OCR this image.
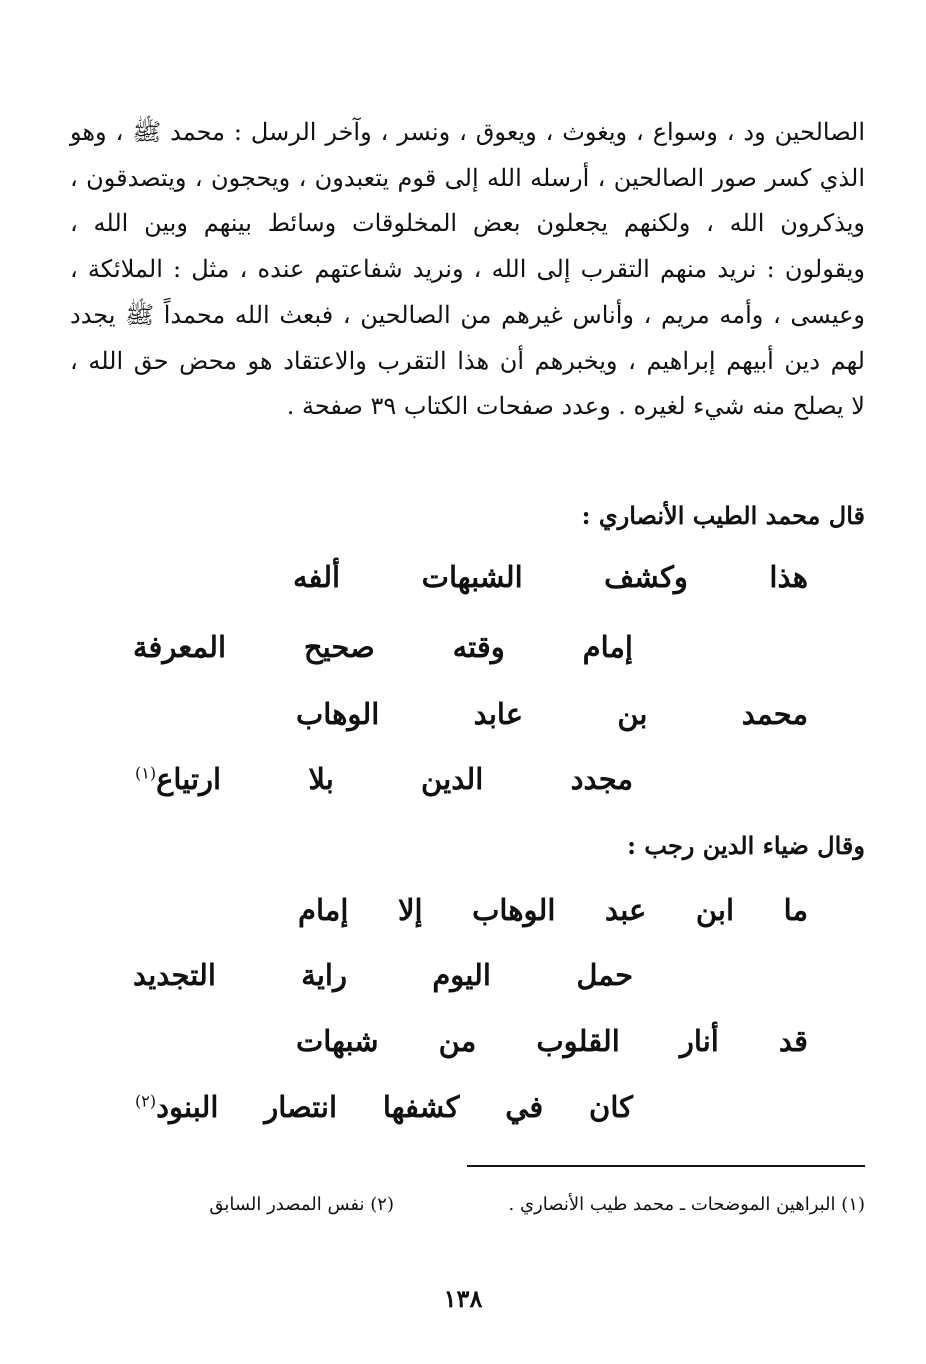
الصالحين ود ، وسواع ، ويغوث ، ويعوق ، ونسر ، وآخر الرسل : محمد ﷺ ، وهو
الذي كسر صور الصالحين ، أرسله الله إلى قوم يتعبدون ، ويحجون ، ويتصدقون ،
ويذكرون الله ، ولكنهم يجعلون بعض المخلوقات وسائط بينهم وبين الله ،
ويقولون : نريد منهم التقرب إلى الله ، ونريد شفاعتهم عنده ، مثل : الملائكة ،
وعيسى ، وأمه مريم ، وأناس غيرهم من الصالحين ، فبعث الله محمداً ﷺ يجدد
لهم دين أبيهم إبراهيم ، ويخبرهم أن هذا التقرب والاعتقاد هو محض حق الله ،
لا يصلح منه شيء لغيره . وعدد صفحات الكتاب ٣٩ صفحة .
قال محمد الطيب الأنصاري :
هذا وكشف الشبهات ألفه
إمام وقته صحيح المعرفة
محمد بن عابد الوهاب
مجدد الدين بلا ارتياع$^{(١)}$
وقال ضياء الدين رجب :
ما ابن عبد الوهاب إلا إمام
حمل اليوم راية التجديد
قد أنار القلوب من شبهات
كان في كشفها انتصار البنود$^{(٢)}$
(١) البراهين الموضحات ـ محمد طيب الأنصاري .
(٢) نفس المصدر السابق
١٣٨
